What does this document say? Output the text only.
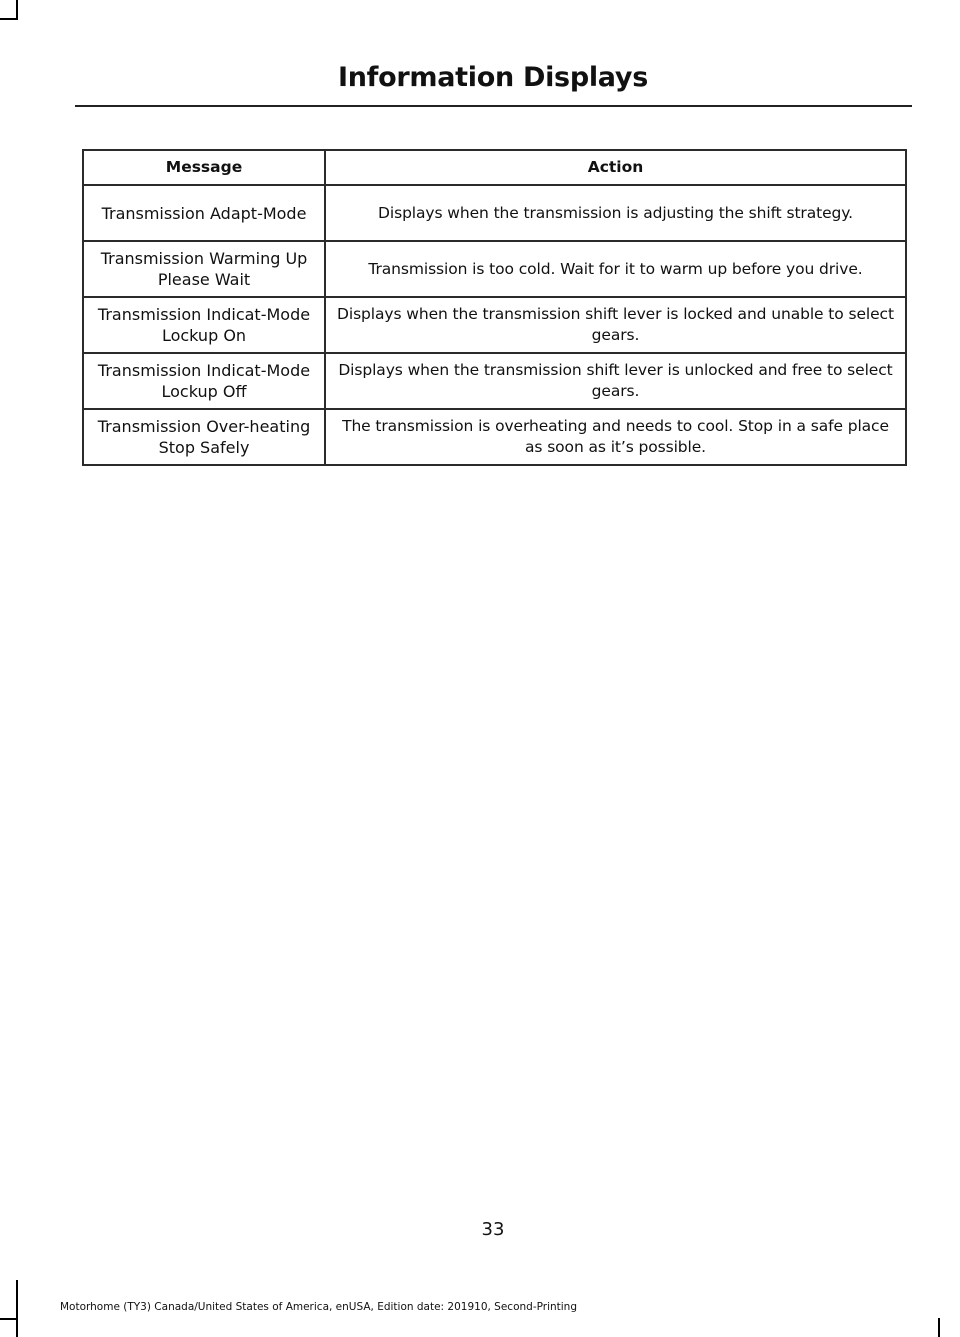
Information Displays
Message	Action
Transmission Adapt-Mode	Displays when the transmission is adjusting the shift strategy.
Transmission Warming Up Please Wait	Transmission is too cold. Wait for it to warm up before you drive.
Transmission Indicat-Mode Lockup On	Displays when the transmission shift lever is locked and unable to select gears.
Transmission Indicat-Mode Lockup Off	Displays when the transmission shift lever is unlocked and free to select gears.
Transmission Over-heating Stop Safely	The transmission is overheating and needs to cool. Stop in a safe place as soon as it’s possible.
33
Motorhome (TY3) Canada/United States of America, enUSA, Edition date: 201910, Second-Printing
